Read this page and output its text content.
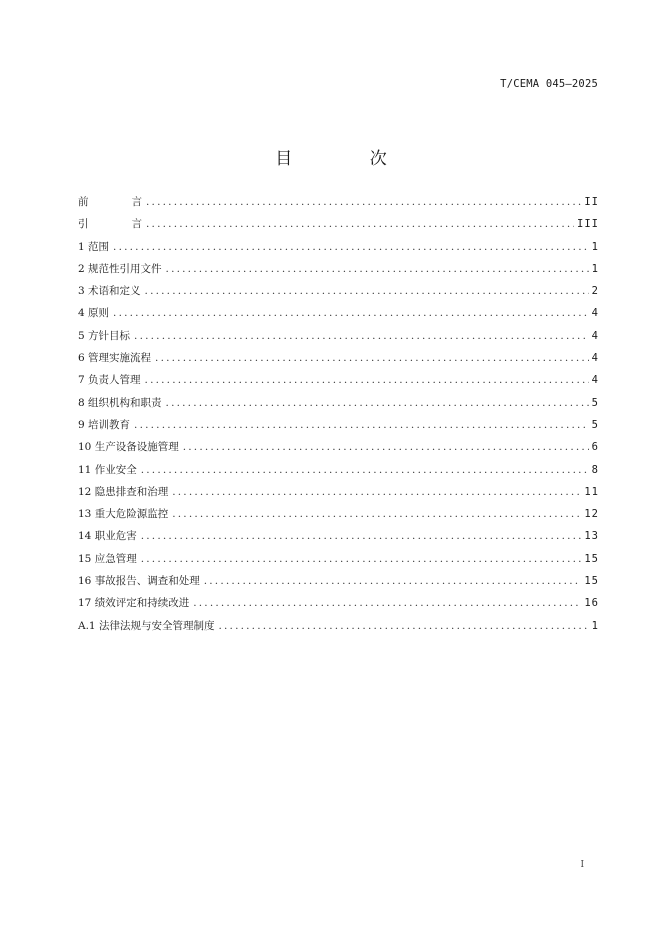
T/CEMA 045—2025
目 次
前	言 .....	II
引	言 .....	III
1 范围 .....	1
2 规范性引用文件 .....	1
3 术语和定义 .....	2
4 原则 .....	4
5 方针目标 .....	4
6 管理实施流程 .....	4
7 负责人管理 .....	4
8 组织机构和职责 .....	5
9 培训教育 .....	5
10 生产设备设施管理 .....	6
11 作业安全 .....	8
12 隐患排查和治理 .....	11
13 重大危险源监控 .....	12
14 职业危害 .....	13
15 应急管理 .....	15
16 事故报告、调查和处理 .....	15
17 绩效评定和持续改进 .....	16
A.1 法律法规与安全管理制度 .....	1
I
